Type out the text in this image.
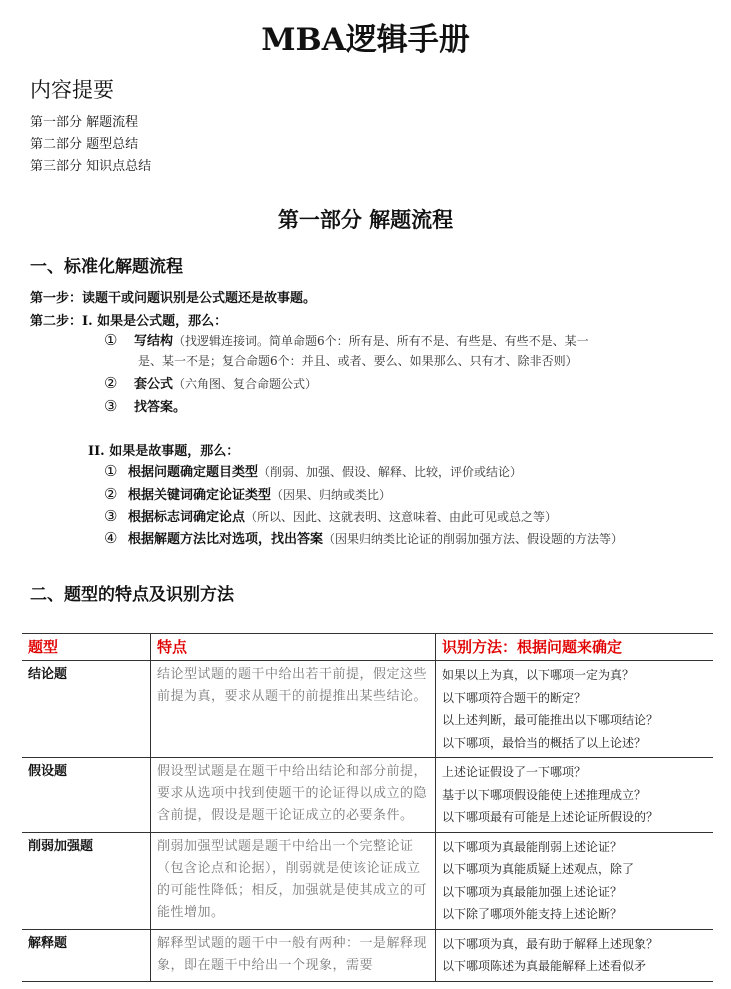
MBA逻辑手册
内容提要
第一部分 解题流程
第二部分 题型总结
第三部分 知识点总结
第一部分 解题流程
一、标准化解题流程
第一步：读题干或问题识别是公式题还是故事题。
第二步：I. 如果是公式题，那么：
① 写结构（找逻辑连接词。简单命题6个：所有是、所有不是、有些是、有些不是、某一
是、某一不是；复合命题6个：并且、或者、要么、如果那么、只有才、除非否则）
② 套公式（六角图、复合命题公式）
③ 找答案。
II. 如果是故事题，那么：
① 根据问题确定题目类型（削弱、加强、假设、解释、比较，评价或结论）
② 根据关键词确定论证类型（因果、归纳或类比）
③ 根据标志词确定论点（所以、因此、这就表明、这意味着、由此可见或总之等）
④ 根据解题方法比对选项，找出答案（因果归纳类比论证的削弱加强方法、假设题的方法等）
二、题型的特点及识别方法
题型	特点	识别方法：根据问题来确定
结论题	结论型试题的题干中给出若干前提，假定这些前提为真，要求从题干的前提推出某些结论。	如果以上为真，以下哪项一定为真？
以下哪项符合题干的断定？
以上述判断，最可能推出以下哪项结论？
以下哪项，最恰当的概括了以上论述？

假设题	假设型试题是在题干中给出结论和部分前提，要求从选项中找到使题干的论证得以成立的隐含前提，假设是题干论证成立的必要条件。	上述论证假设了一下哪项？
基于以下哪项假设能使上述推理成立？
以下哪项最有可能是上述论证所假设的？

削弱加强题	削弱加强型试题是题干中给出一个完整论证（包含论点和论据），削弱就是使该论证成立的可能性降低；相反，加强就是使其成立的可能性增加。	以下哪项为真最能削弱上述论证？
以下哪项为真能质疑上述观点，除了
以下哪项为真最能加强上述论证？
以下除了哪项外能支持上述论断？

解释题	解释型试题的题干中一般有两种：一是解释现象，即在题干中给出一个现象，需要	以下哪项为真，最有助于解释上述现象？
以下哪项陈述为真最能解释上述看似矛
